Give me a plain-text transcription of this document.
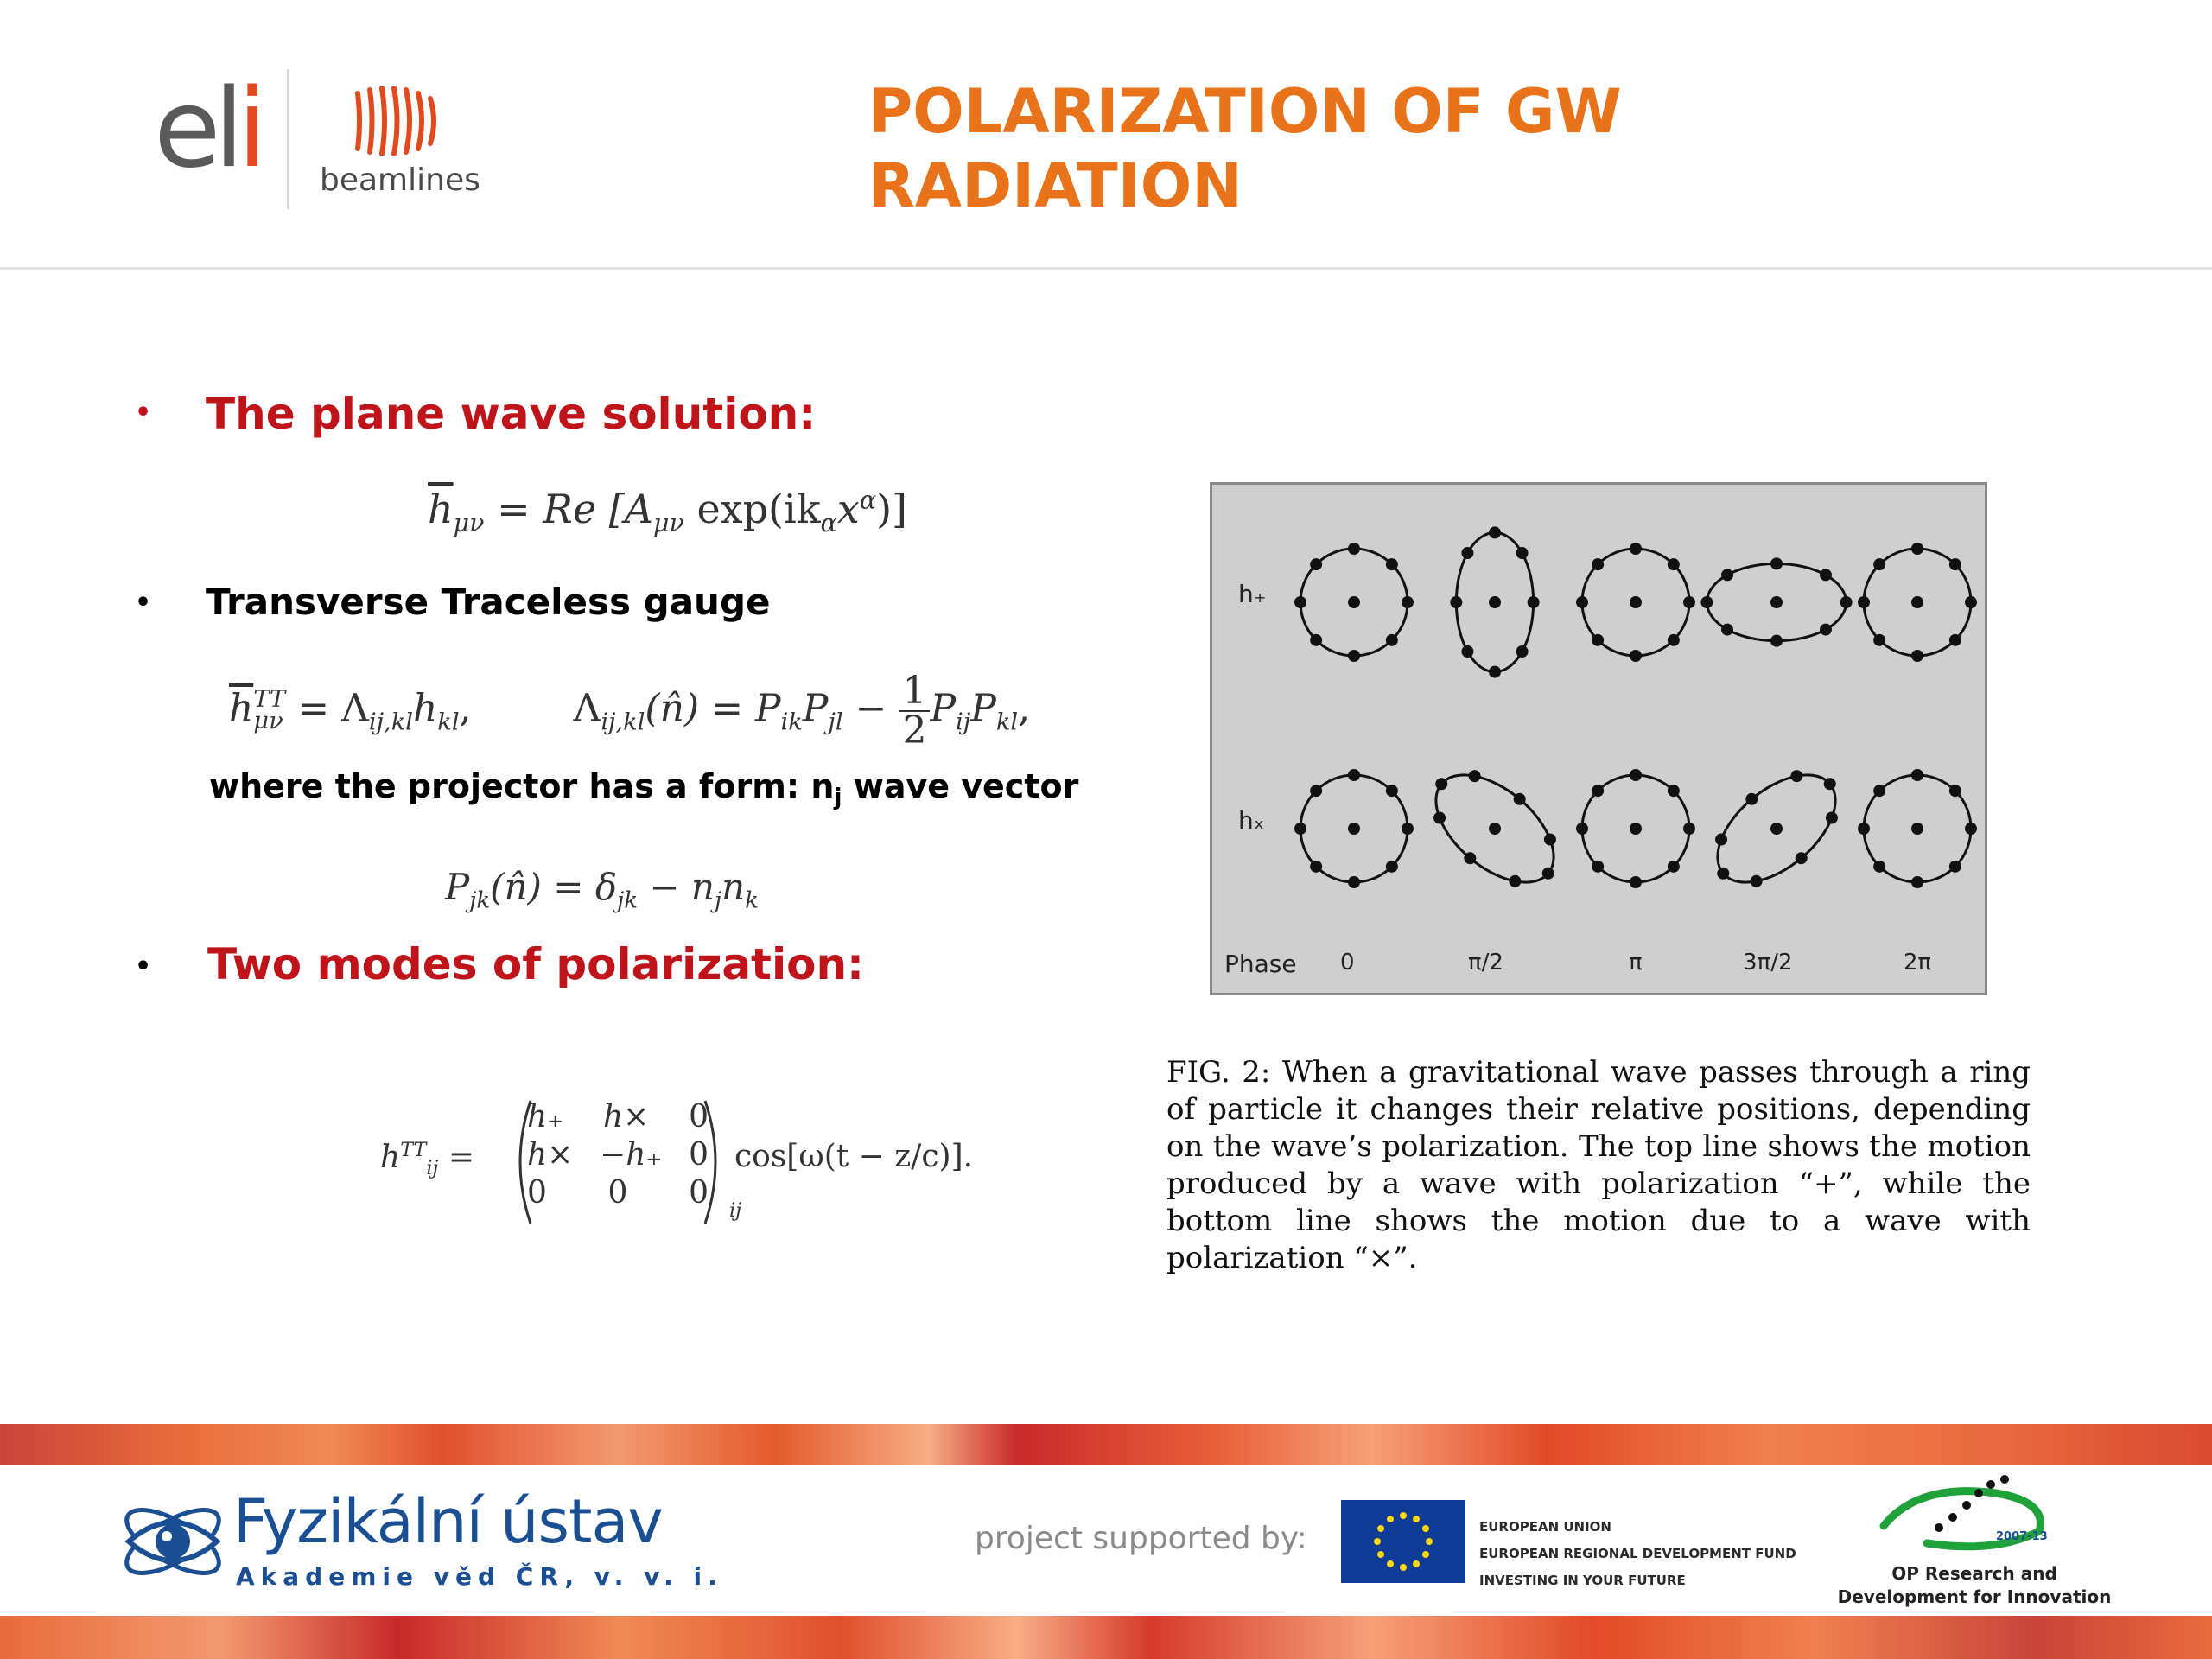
eli beamlines
POLARIZATION OF GW
RADIATION
• The plane wave solution:
$\overline{h}_{\mu\nu} = Re$ [$A_{\mu\nu}$ $\exp(ik_\alpha x^\alpha)$]
• Transverse Traceless gauge
$\overline{h}$ TT
$\mu\nu = \Lambda_{ij,kl}h_{kl}$,	$\Lambda_{ij,kl}(n̂) = P_{ik}P_{jl} - \frac{1}{2} P_{ij}P_{kl}$,
where the projector has a form: $n_j$ wave vector
$P_{jk}(n̂) = \delta_{jk} - n_jn_k$
• Two modes of polarization:
$h^{TT}_{ij}$ =
h₊ h× 0
h× −h₊ 0
0 0 0 ij
cos[ω(t − z/c)].
h₊
hₓ
Phase 0	π/2	π	3π/2	2π
FIG. 2: When a gravitational wave passes through a ring of particle it changes their relative positions, depending on the wave’s polarization. The top line shows the motion produced by a wave with polarization “+”, while the bottom line shows the motion due to a wave with polarization “×”.
Fyzikální ústav
Akademie věd ČR, v. v. i.
project supported by:	EUROPEAN UNION
EUROPEAN REGIONAL DEVELOPMENT FUND
INVESTING IN YOUR FUTURE
2007-13
OP Research and
Development for Innovation
